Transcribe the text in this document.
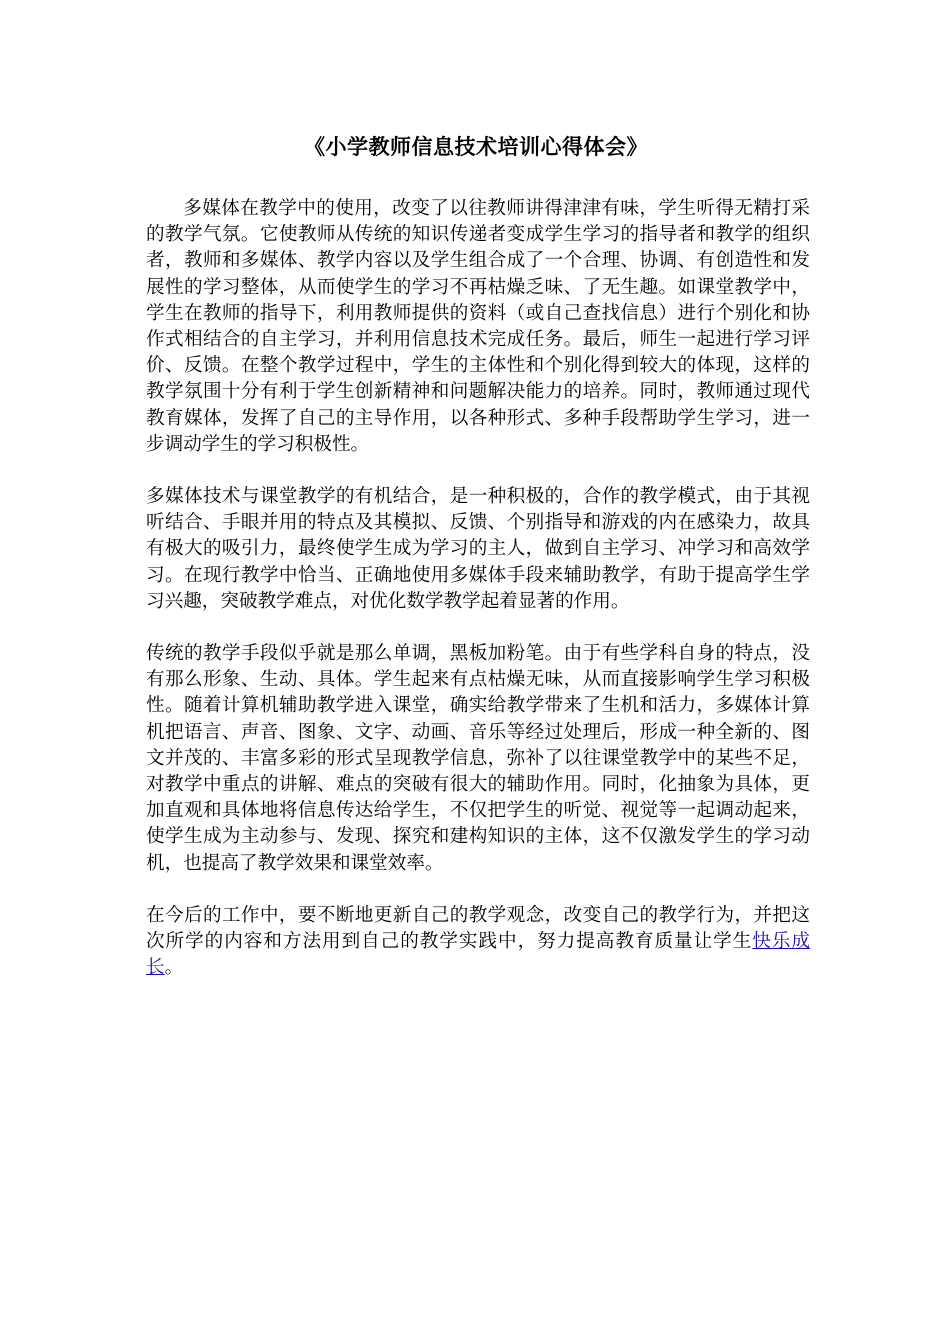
《小学教师信息技术培训心得体会》

多媒体在教学中的使用，改变了以往教师讲得津津有味，学生听得无精打采的教学气氛。它使教师从传统的知识传递者变成学生学习的指导者和教学的组织者，教师和多媒体、教学内容以及学生组合成了一个合理、协调、有创造性和发展性的学习整体，从而使学生的学习不再枯燥乏味、了无生趣。如课堂教学中，学生在教师的指导下，利用教师提供的资料（或自己查找信息）进行个别化和协作式相结合的自主学习，并利用信息技术完成任务。最后，师生一起进行学习评价、反馈。在整个教学过程中，学生的主体性和个别化得到较大的体现，这样的教学氛围十分有利于学生创新精神和问题解决能力的培养。同时，教师通过现代教育媒体，发挥了自己的主导作用，以各种形式、多种手段帮助学生学习，进一步调动学生的学习积极性。

多媒体技术与课堂教学的有机结合，是一种积极的，合作的教学模式，由于其视听结合、手眼并用的特点及其模拟、反馈、个别指导和游戏的内在感染力，故具有极大的吸引力，最终使学生成为学习的主人，做到自主学习、冲学习和高效学习。在现行教学中恰当、正确地使用多媒体手段来辅助教学，有助于提高学生学习兴趣，突破教学难点，对优化数学教学起着显著的作用。

传统的教学手段似乎就是那么单调，黑板加粉笔。由于有些学科自身的特点，没有那么形象、生动、具体。学生起来有点枯燥无味，从而直接影响学生学习积极性。随着计算机辅助教学进入课堂，确实给教学带来了生机和活力，多媒体计算机把语言、声音、图象、文字、动画、音乐等经过处理后，形成一种全新的、图文并茂的、丰富多彩的形式呈现教学信息，弥补了以往课堂教学中的某些不足，对教学中重点的讲解、难点的突破有很大的辅助作用。同时，化抽象为具体，更加直观和具体地将信息传达给学生，不仅把学生的听觉、视觉等一起调动起来，使学生成为主动参与、发现、探究和建构知识的主体，这不仅激发学生的学习动机，也提高了教学效果和课堂效率。

在今后的工作中，要不断地更新自己的教学观念，改变自己的教学行为，并把这次所学的内容和方法用到自己的教学实践中，努力提高教育质量让学生快乐成长。
